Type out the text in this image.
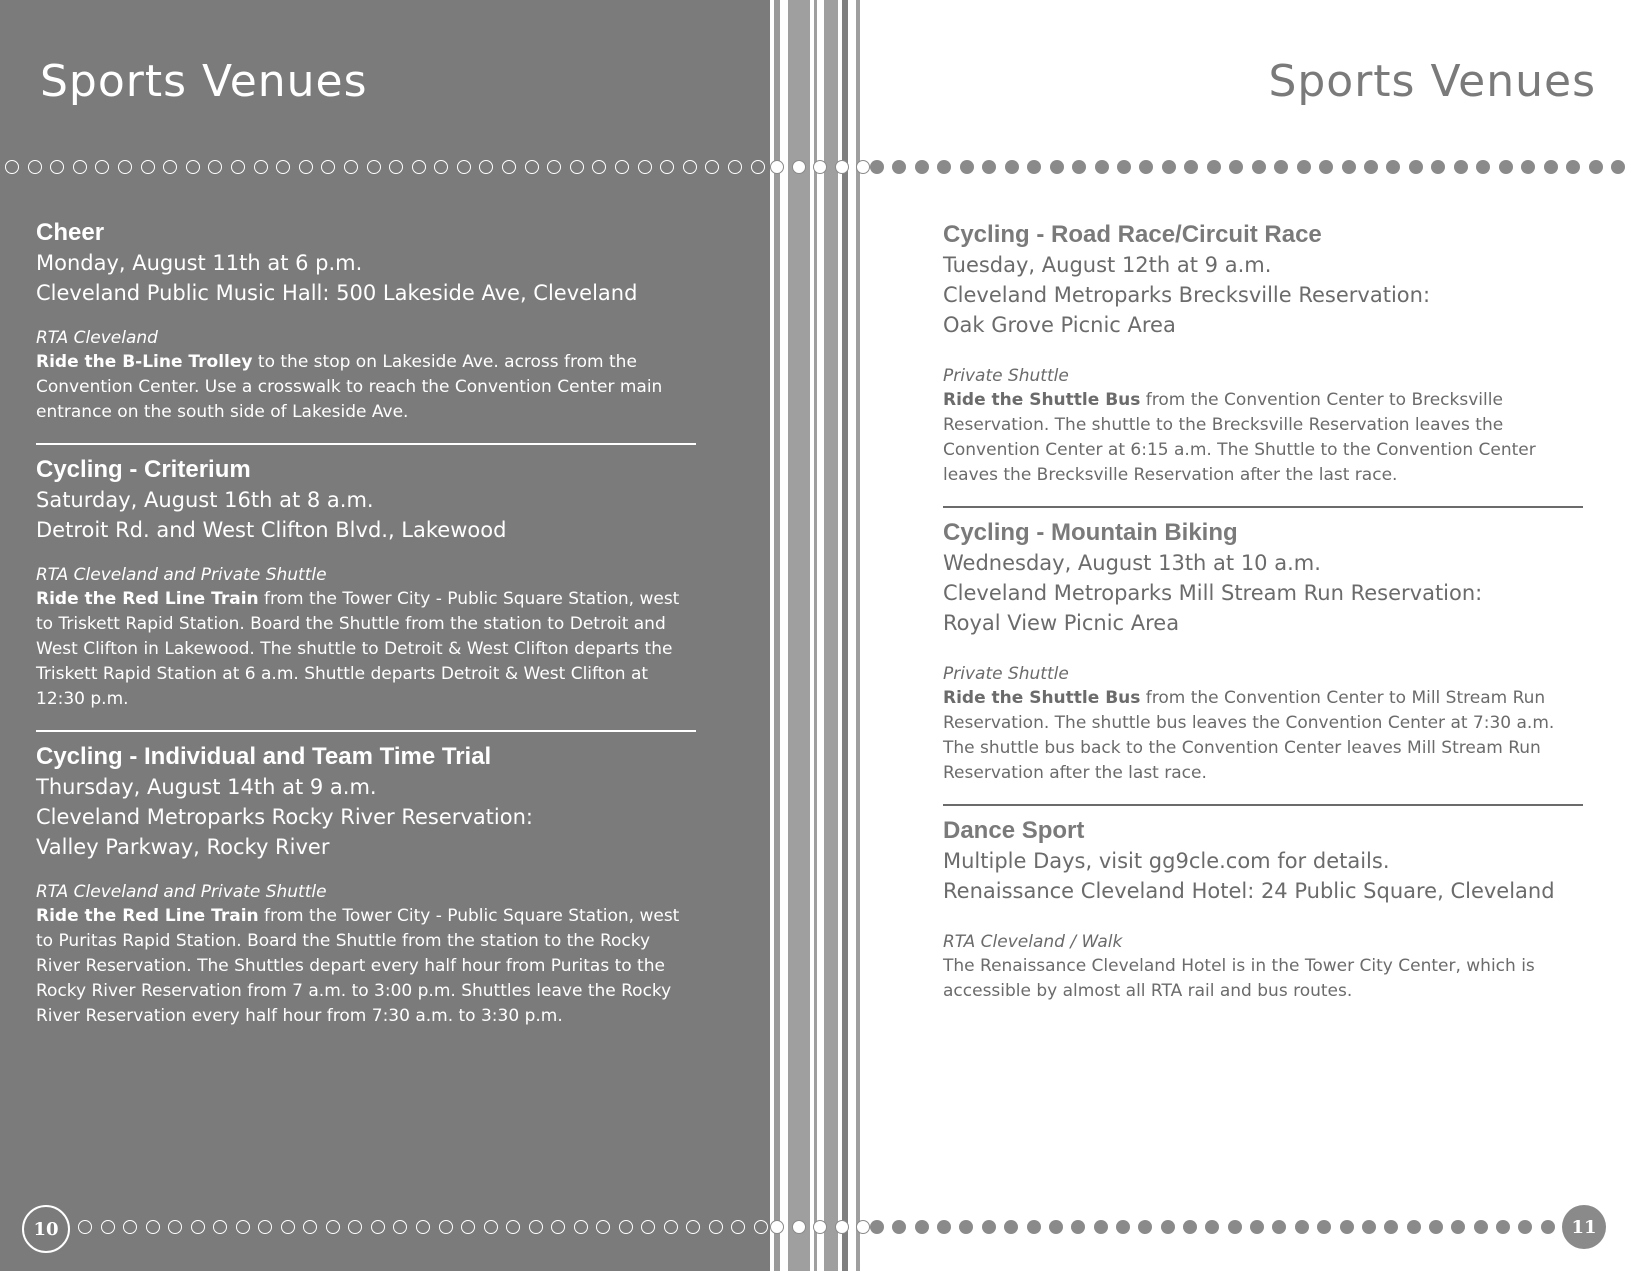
Sports Venues
Cheer
Monday, August 11th at 6 p.m.
Cleveland Public Music Hall: 500 Lakeside Ave, Cleveland
RTA Cleveland
Ride the B-Line Trolley to the stop on Lakeside Ave. across from the Convention Center. Use a crosswalk to reach the Convention Center main entrance on the south side of Lakeside Ave.
Cycling - Criterium
Saturday, August 16th at 8 a.m.
Detroit Rd. and West Clifton Blvd., Lakewood
RTA Cleveland and Private Shuttle
Ride the Red Line Train from the Tower City - Public Square Station, west to Triskett Rapid Station. Board the Shuttle from the station to Detroit and West Clifton in Lakewood. The shuttle to Detroit & West Clifton departs the Triskett Rapid Station at 6 a.m. Shuttle departs Detroit & West Clifton at 12:30 p.m.
Cycling - Individual and Team Time Trial
Thursday, August 14th at 9 a.m.
Cleveland Metroparks Rocky River Reservation: Valley Parkway, Rocky River
RTA Cleveland and Private Shuttle
Ride the Red Line Train from the Tower City - Public Square Station, west to Puritas Rapid Station. Board the Shuttle from the station to the Rocky River Reservation. The Shuttles depart every half hour from Puritas to the Rocky River Reservation from 7 a.m. to 3:00 p.m. Shuttles leave the Rocky River Reservation every half hour from 7:30 a.m. to 3:30 p.m.
10
Sports Venues
Cycling - Road Race/Circuit Race
Tuesday, August 12th at 9 a.m.
Cleveland Metroparks Brecksville Reservation: Oak Grove Picnic Area
Private Shuttle
Ride the Shuttle Bus from the Convention Center to Brecksville Reservation. The shuttle to the Brecksville Reservation leaves the Convention Center at 6:15 a.m. The Shuttle to the Convention Center leaves the Brecksville Reservation after the last race.
Cycling - Mountain Biking
Wednesday, August 13th at 10 a.m.
Cleveland Metroparks Mill Stream Run Reservation: Royal View Picnic Area
Private Shuttle
Ride the Shuttle Bus from the Convention Center to Mill Stream Run Reservation. The shuttle bus leaves the Convention Center at 7:30 a.m. The shuttle bus back to the Convention Center leaves Mill Stream Run Reservation after the last race.
Dance Sport
Multiple Days, visit gg9cle.com for details.
Renaissance Cleveland Hotel: 24 Public Square, Cleveland
RTA Cleveland / Walk
The Renaissance Cleveland Hotel is in the Tower City Center, which is accessible by almost all RTA rail and bus routes.
11
